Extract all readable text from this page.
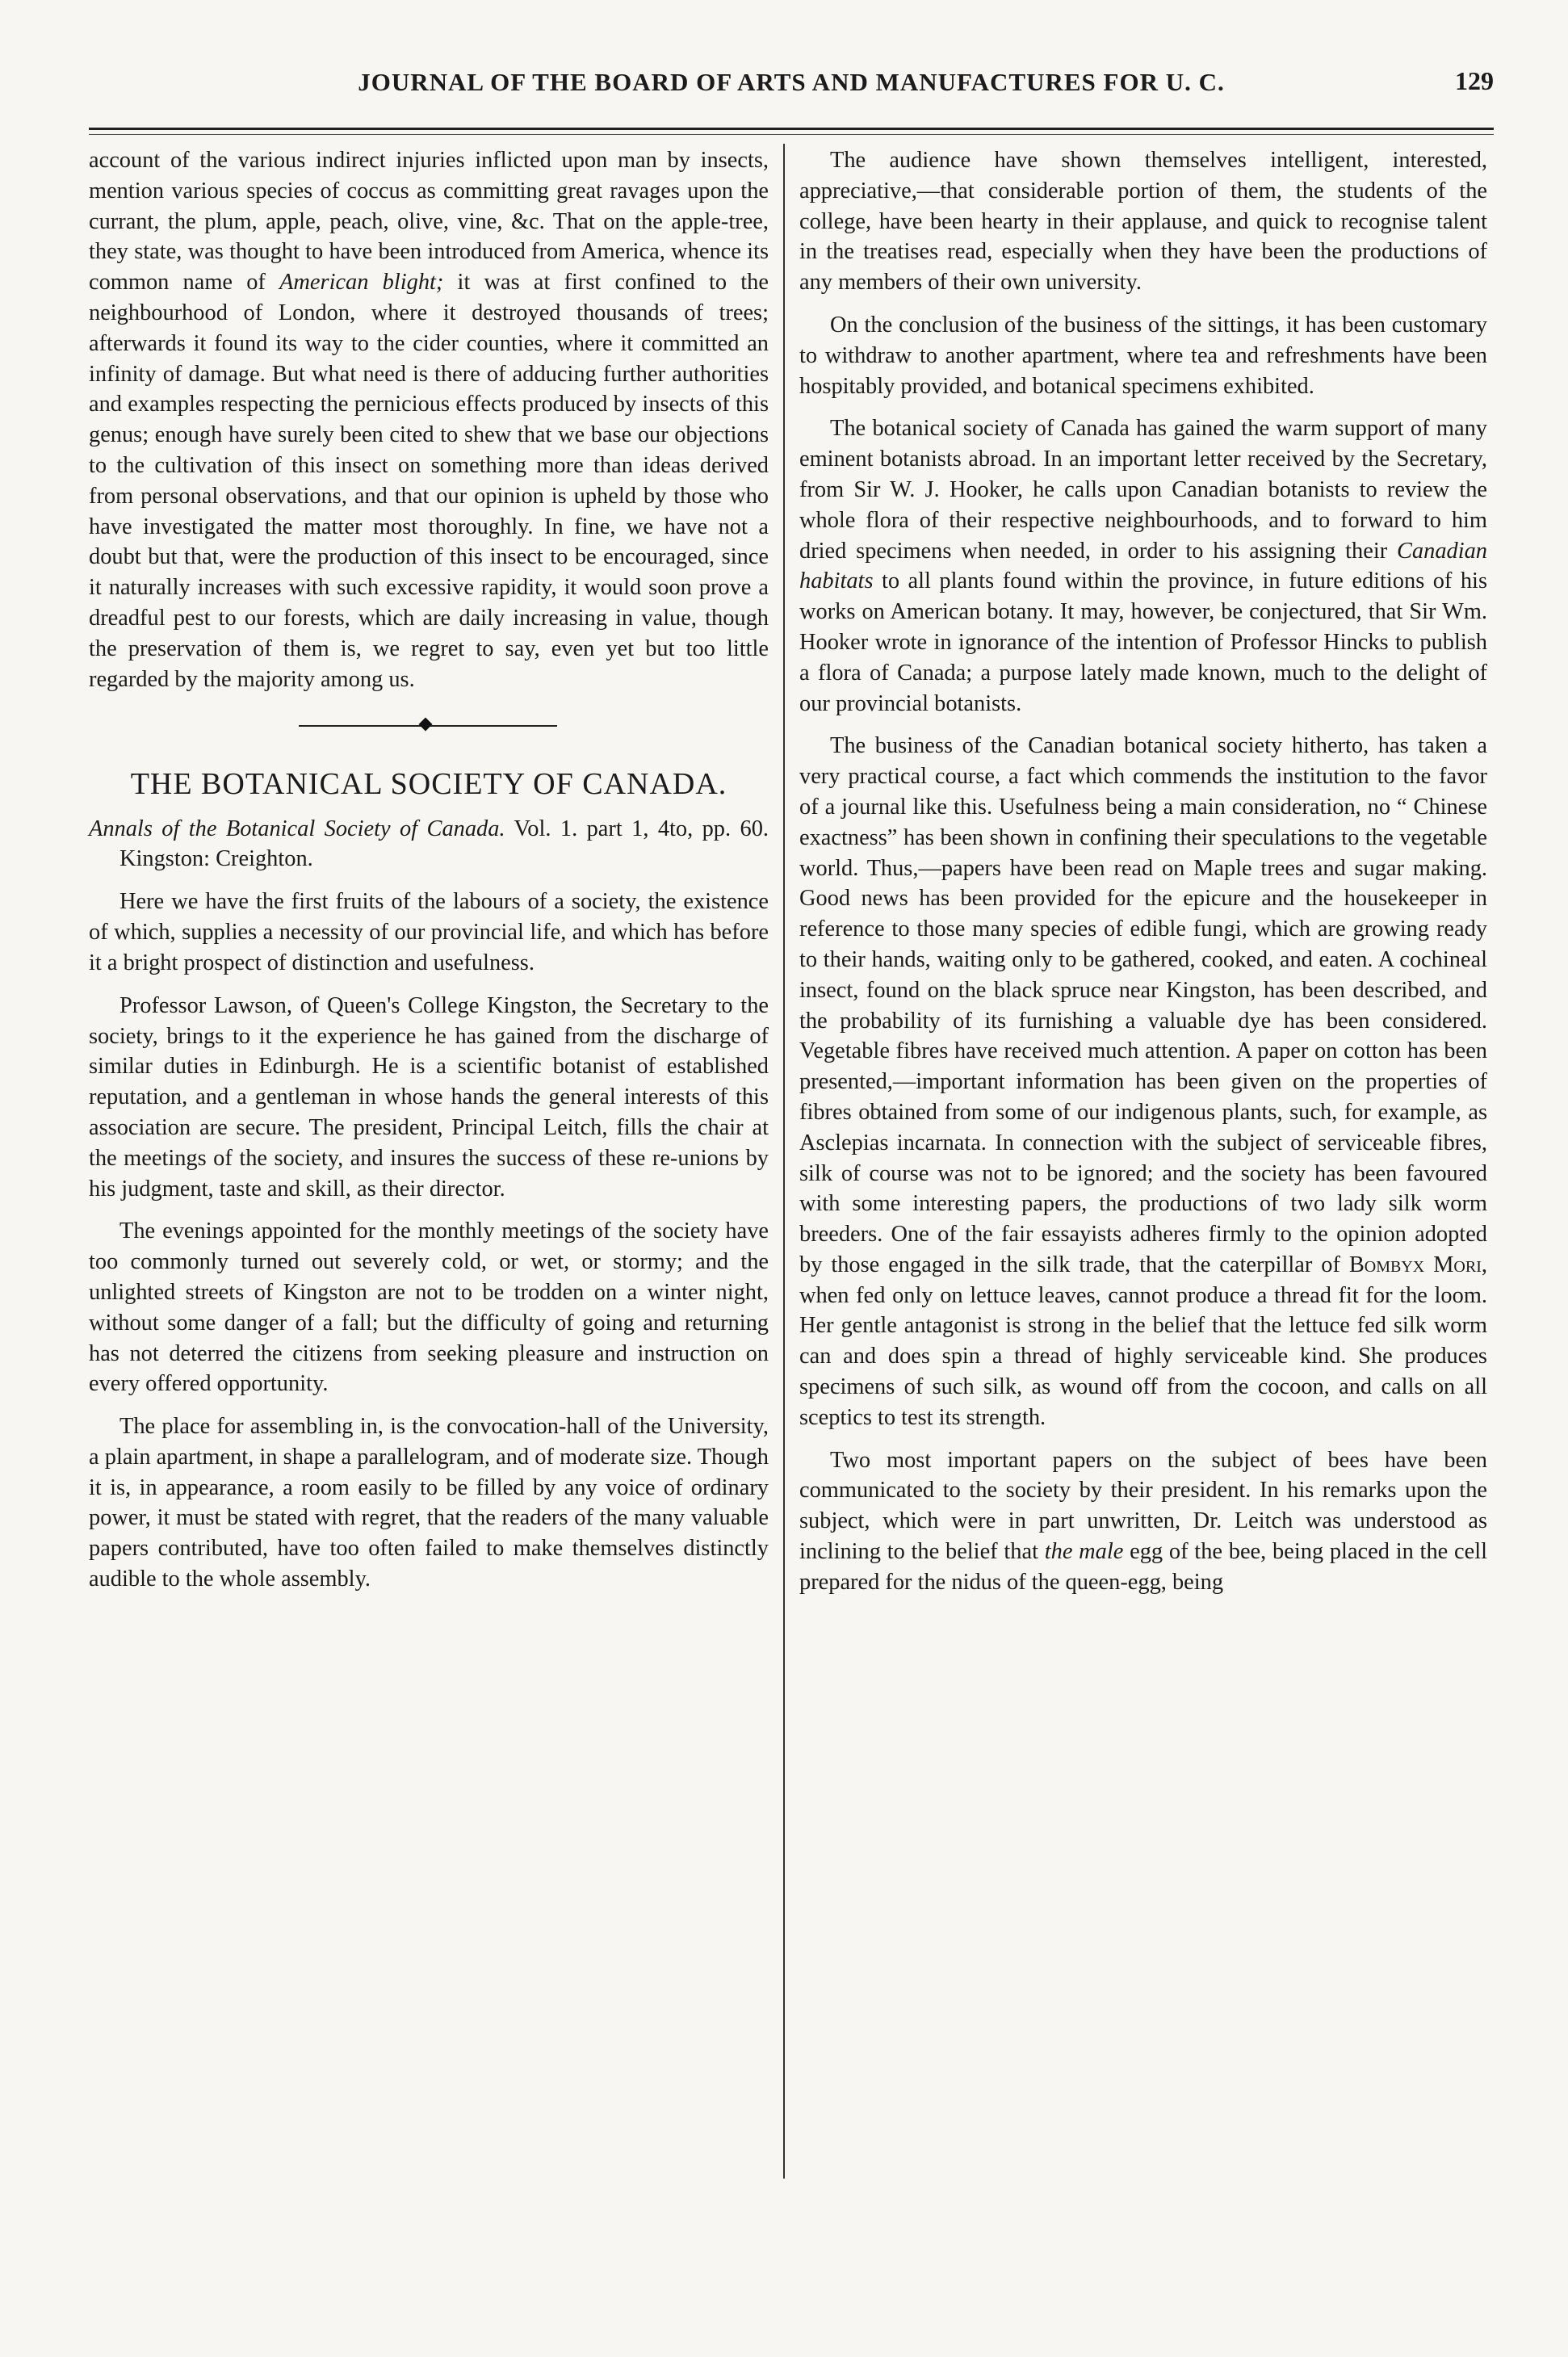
JOURNAL OF THE BOARD OF ARTS AND MANUFACTURES FOR U. C.	129

account of the various indirect injuries inflicted upon man by insects, mention various species of coccus as committing great ravages upon the currant, the plum, apple, peach, olive, vine, &c. That on the apple-tree, they state, was thought to have been introduced from America, whence its common name of American blight; it was at first confined to the neighbourhood of London, where it destroyed thousands of trees; afterwards it found its way to the cider counties, where it committed an infinity of damage. But what need is there of adducing further authorities and examples respecting the pernicious effects produced by insects of this genus; enough have surely been cited to shew that we base our objections to the cultivation of this insect on something more than ideas derived from personal observations, and that our opinion is upheld by those who have investigated the matter most thoroughly. In fine, we have not a doubt but that, were the production of this insect to be encouraged, since it naturally increases with such excessive rapidity, it would soon prove a dreadful pest to our forests, which are daily increasing in value, though the preservation of them is, we regret to say, even yet but too little regarded by the majority among us.

THE BOTANICAL SOCIETY OF CANADA.
Annals of the Botanical Society of Canada. Vol. 1. part 1, 4to, pp. 60. Kingston: Creighton.

Here we have the first fruits of the labours of a society, the existence of which, supplies a necessity of our provincial life, and which has before it a bright prospect of distinction and usefulness.

Professor Lawson, of Queen's College Kingston, the Secretary to the society, brings to it the experience he has gained from the discharge of similar duties in Edinburgh. He is a scientific botanist of established reputation, and a gentleman in whose hands the general interests of this association are secure. The president, Principal Leitch, fills the chair at the meetings of the society, and insures the success of these re-unions by his judgment, taste and skill, as their director.

The evenings appointed for the monthly meetings of the society have too commonly turned out severely cold, or wet, or stormy; and the unlighted streets of Kingston are not to be trodden on a winter night, without some danger of a fall; but the difficulty of going and returning has not deterred the citizens from seeking pleasure and instruction on every offered opportunity.

The place for assembling in, is the convocation-hall of the University, a plain apartment, in shape a parallelogram, and of moderate size. Though it is, in appearance, a room easily to be filled by any voice of ordinary power, it must be stated with regret, that the readers of the many valuable papers contributed, have too often failed to make themselves distinctly audible to the whole assembly.

The audience have shown themselves intelligent, interested, appreciative,—that considerable portion of them, the students of the college, have been hearty in their applause, and quick to recognise talent in the treatises read, especially when they have been the productions of any members of their own university.

On the conclusion of the business of the sittings, it has been customary to withdraw to another apartment, where tea and refreshments have been hospitably provided, and botanical specimens exhibited.

The botanical society of Canada has gained the warm support of many eminent botanists abroad. In an important letter received by the Secretary, from Sir W. J. Hooker, he calls upon Canadian botanists to review the whole flora of their respective neighbourhoods, and to forward to him dried specimens when needed, in order to his assigning their Canadian habitats to all plants found within the province, in future editions of his works on American botany. It may, however, be conjectured, that Sir Wm. Hooker wrote in ignorance of the intention of Professor Hincks to publish a flora of Canada; a purpose lately made known, much to the delight of our provincial botanists.

The business of the Canadian botanical society hitherto, has taken a very practical course, a fact which commends the institution to the favor of a journal like this. Usefulness being a main consideration, no “ Chinese exactness” has been shown in confining their speculations to the vegetable world. Thus,—papers have been read on Maple trees and sugar making. Good news has been provided for the epicure and the housekeeper in reference to those many species of edible fungi, which are growing ready to their hands, waiting only to be gathered, cooked, and eaten. A cochineal insect, found on the black spruce near Kingston, has been described, and the probability of its furnishing a valuable dye has been considered. Vegetable fibres have received much attention. A paper on cotton has been presented,—important information has been given on the properties of fibres obtained from some of our indigenous plants, such, for example, as Asclepias incarnata. In connection with the subject of serviceable fibres, silk of course was not to be ignored; and the society has been favoured with some interesting papers, the productions of two lady silk worm breeders. One of the fair essayists adheres firmly to the opinion adopted by those engaged in the silk trade, that the caterpillar of Bombyx Mori, when fed only on lettuce leaves, cannot produce a thread fit for the loom. Her gentle antagonist is strong in the belief that the lettuce fed silk worm can and does spin a thread of highly serviceable kind. She produces specimens of such silk, as wound off from the cocoon, and calls on all sceptics to test its strength.

Two most important papers on the subject of bees have been communicated to the society by their president. In his remarks upon the subject, which were in part unwritten, Dr. Leitch was understood as inclining to the belief that the male egg of the bee, being placed in the cell prepared for the nidus of the queen-egg, being
